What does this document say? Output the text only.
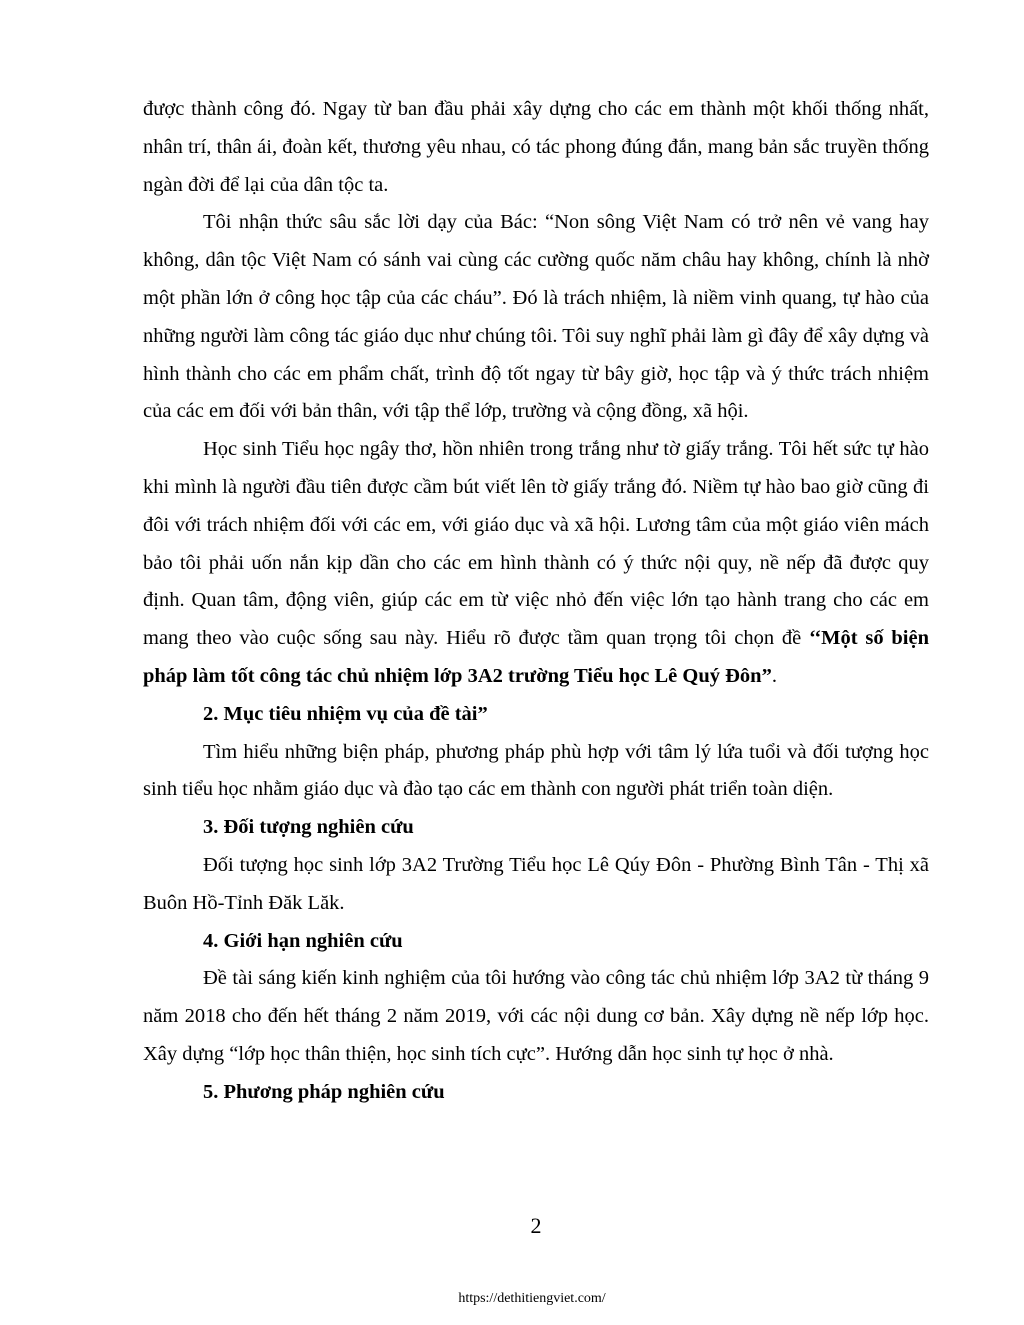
được thành công đó. Ngay từ ban đầu phải xây dựng cho các em thành một khối thống nhất, nhân trí, thân ái, đoàn kết, thương yêu nhau, có tác phong đúng đắn, mang bản sắc truyền thống ngàn đời để lại của dân tộc ta.

Tôi nhận thức sâu sắc lời dạy của Bác: “Non sông Việt Nam có trở nên vẻ vang hay không, dân tộc Việt Nam có sánh vai cùng các cường quốc năm châu hay không, chính là nhờ một phần lớn ở công học tập của các cháu”. Đó là trách nhiệm, là niềm vinh quang, tự hào của những người làm công tác giáo dục như chúng tôi. Tôi suy nghĩ phải làm gì đây để xây dựng và hình thành cho các em phẩm chất, trình độ tốt ngay từ bây giờ, học tập và ý thức trách nhiệm của các em đối với bản thân, với tập thể lớp, trường và cộng đồng, xã hội.

Học sinh Tiểu học ngây thơ, hồn nhiên trong trắng như tờ giấy trắng. Tôi hết sức tự hào khi mình là người đầu tiên được cầm bút viết lên tờ giấy trắng đó. Niềm tự hào bao giờ cũng đi đôi với trách nhiệm đối với các em, với giáo dục và xã hội. Lương tâm của một giáo viên mách bảo tôi phải uốn nắn kịp dần cho các em hình thành có ý thức nội quy, nề nếp đã được quy định. Quan tâm, động viên, giúp các em từ việc nhỏ đến việc lớn tạo hành trang cho các em mang theo vào cuộc sống sau này. Hiểu rõ được tầm quan trọng tôi chọn đề ‘‘Một số biện pháp làm tốt công tác chủ nhiệm lớp 3A2 trường Tiểu học Lê Quý Đôn”.

2. Mục tiêu nhiệm vụ của đề tài”

Tìm hiểu những biện pháp, phương pháp phù hợp với tâm lý lứa tuổi và đối tượng học sinh tiểu học nhằm giáo dục và đào tạo các em thành con người phát triển toàn diện.

3. Đối tượng nghiên cứu

Đối tượng học sinh lớp 3A2 Trường Tiểu học Lê Qúy Đôn - Phường Bình Tân - Thị xã Buôn Hồ-Tỉnh Đăk Lăk.

4. Giới hạn nghiên cứu

Đề tài sáng kiến kinh nghiệm của tôi hướng vào công tác chủ nhiệm lớp 3A2 từ tháng 9 năm 2018 cho đến hết tháng 2 năm 2019, với các nội dung cơ bản. Xây dựng nề nếp lớp học. Xây dựng “lớp học thân thiện, học sinh tích cực”. Hướng dẫn học sinh tự học ở nhà.

5. Phương pháp nghiên cứu

2
https://dethitiengviet.com/
